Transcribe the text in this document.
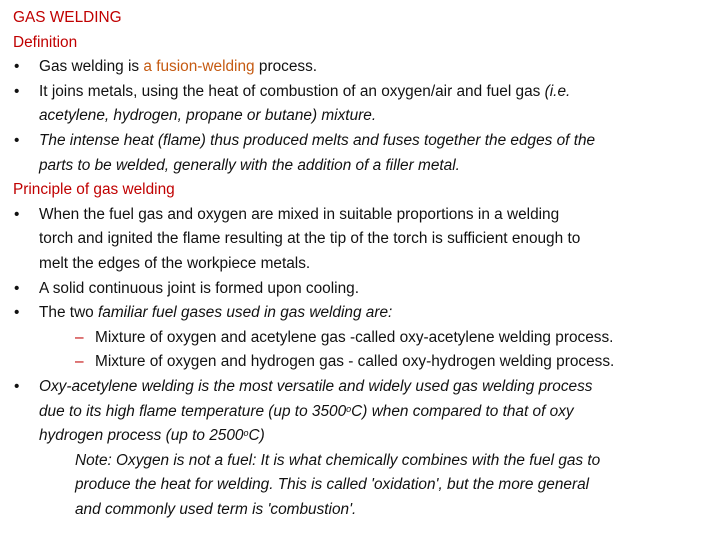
GAS WELDING
Definition
• Gas welding is a fusion-welding process.
• It joins metals, using the heat of combustion of an oxygen/air and fuel gas (i.e.
acetylene, hydrogen, propane or butane) mixture.
• The intense heat (flame) thus produced melts and fuses together the edges of the
parts to be welded, generally with the addition of a filler metal.
Principle of gas welding
• When the fuel gas and oxygen are mixed in suitable proportions in a welding
torch and ignited the flame resulting at the tip of the torch is sufficient enough to
melt the edges of the workpiece metals.
• A solid continuous joint is formed upon cooling.
• The two familiar fuel gases used in gas welding are:
– Mixture of oxygen and acetylene gas -called oxy-acetylene welding process.
– Mixture of oxygen and hydrogen gas - called oxy-hydrogen welding process.
• Oxy-acetylene welding is the most versatile and widely used gas welding process
due to its high flame temperature (up to 3500$^o$C) when compared to that of oxy
hydrogen process (up to 2500$^o$C)
Note: Oxygen is not a fuel: It is what chemically combines with the fuel gas to
produce the heat for welding. This is called 'oxidation', but the more general
and commonly used term is 'combustion'.
